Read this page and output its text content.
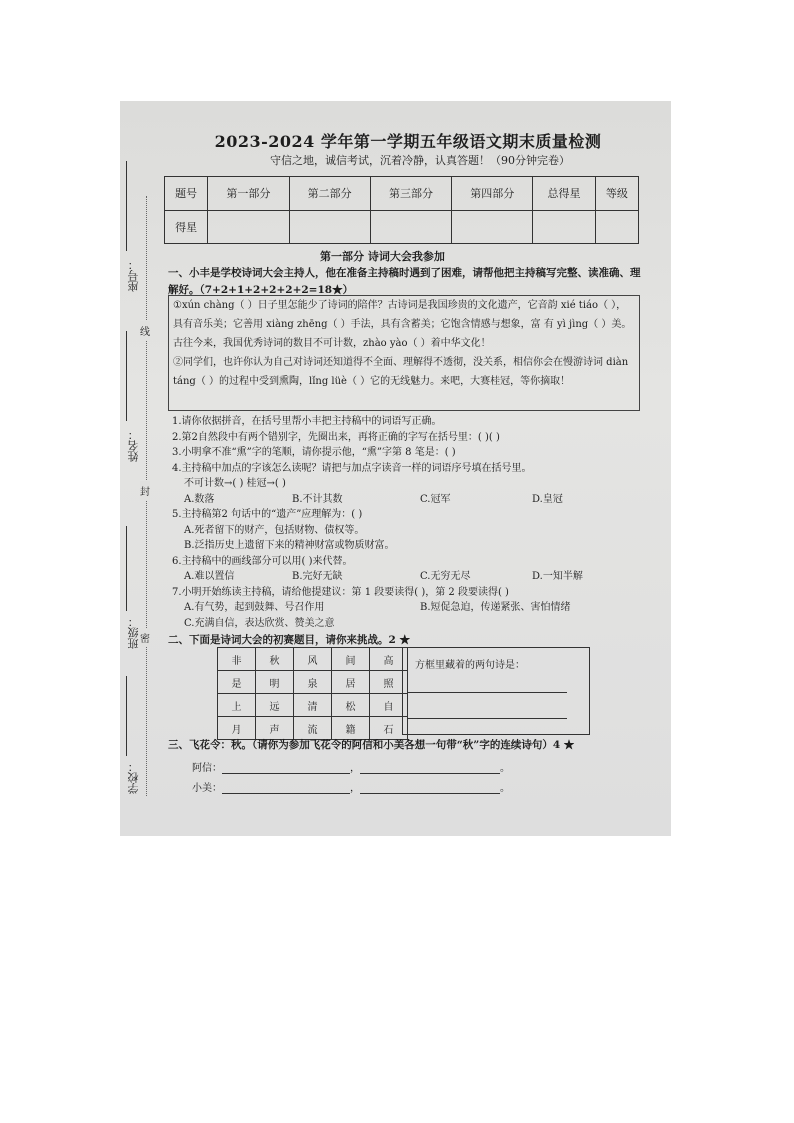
座号：
线
姓名：
封
班级： 密
学校：
2023-2024 学年第一学期五年级语文期末质量检测
守信之地，诚信考试，沉着冷静，认真答题！（90分钟完卷）
题号	第一部分	第二部分	第三部分	第四部分	总得星	等级
得星						
第一部分 诗词大会我参加
一、小丰是学校诗词大会主持人，他在准备主持稿时遇到了困难，请帮他把主持稿写完整、读准确、理解好。（7+2+1+2+2+2+2=18★）

①xún chàng（ ）日子里怎能少了诗词的陪伴？古诗词是我国珍贵的文化遗产，它音韵 xié tiáo（ ），具有音乐美；它善用 xiàng zhēng（ ）手法，具有含蓄美；它饱含情感与想象，富 有 yì jìng（ ）美。古往今来，我国优秀诗词的数目不可计数，zhào yào（ ）着中华文化！

②同学们，也许你认为自己对诗词还知道得不全面、理解得不透彻，没关系，相信你会在慢游诗词 diàn táng（ ）的过程中受到熏陶，lǐng lüè（ ）它的无线魅力。来吧，大赛桂冠，等你摘取！

1.请你依据拼音，在括号里帮小丰把主持稿中的词语写正确。
2.第2自然段中有两个错别字，先圈出来，再将正确的字写在括号里：( )( )
3.小明拿不准“熏”字的笔顺，请你提示他，“熏”字第 8 笔是：( )
4.主持稿中加点的字该怎么读呢？请把与加点字读音一样的词语序号填在括号里。
不可计数→( ) 桂冠→( )
A.数落	B.不计其数	C.冠军	D.皇冠
5.主持稿第2 句话中的“遗产”应理解为：( )
A.死者留下的财产，包括财物、债权等。
B.泛指历史上遗留下来的精神财富或物质财富。
6.主持稿中的画线部分可以用( )来代替。
A.难以置信	B.完好无缺	C.无穷无尽	D.一知半解
7.小明开始练读主持稿，请给他提建议：第 1 段要读得( )，第 2 段要读得( )
A.有气势，起到鼓舞、号召作用	B.短促急迫，传递紧张、害怕情绪
C.充满自信，表达欣赏、赞美之意
二、下面是诗词大会的初赛题目，请你来挑战。2 ★
非	秋	风	间	高
是	明	泉	居	照
上	远	清	松	自
月	声	流	籍	石
方框里藏着的两句诗是：
三、飞花令：秋。（请你为参加飞花令的阿信和小美各想一句带“秋”字的连续诗句）4 ★
阿信：	，	。
小美：	，	。
